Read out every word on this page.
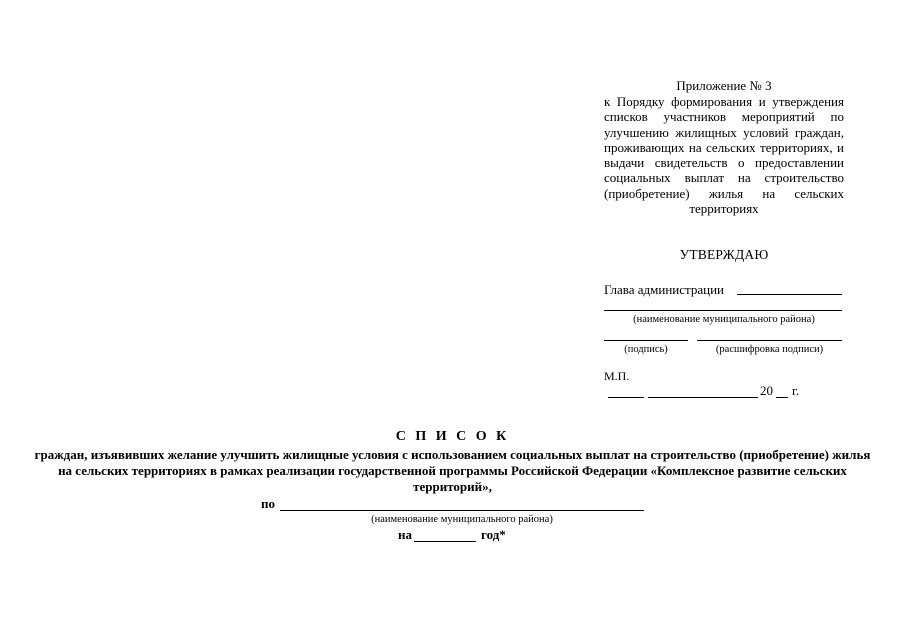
Приложение № 3
к Порядку формирования и утверждения списков участников мероприятий по улучшению жилищных условий граждан, проживающих на сельских территориях, и выдачи свидетельств о предоставлении социальных выплат на строительство (приобретение) жилья на сельских территориях
УТВЕРЖДАЮ
Глава администрации
(наименование муниципального района)
(подпись)	(расшифровка подписи)
М.П.
20 г.
С П И С О К
граждан, изъявивших желание улучшить жилищные условия с использованием социальных выплат на строительство (приобретение) жилья на сельских территориях в рамках реализации государственной программы Российской Федерации «Комплексное развитие сельских территорий»,
по
(наименование муниципального района)
на	год*
